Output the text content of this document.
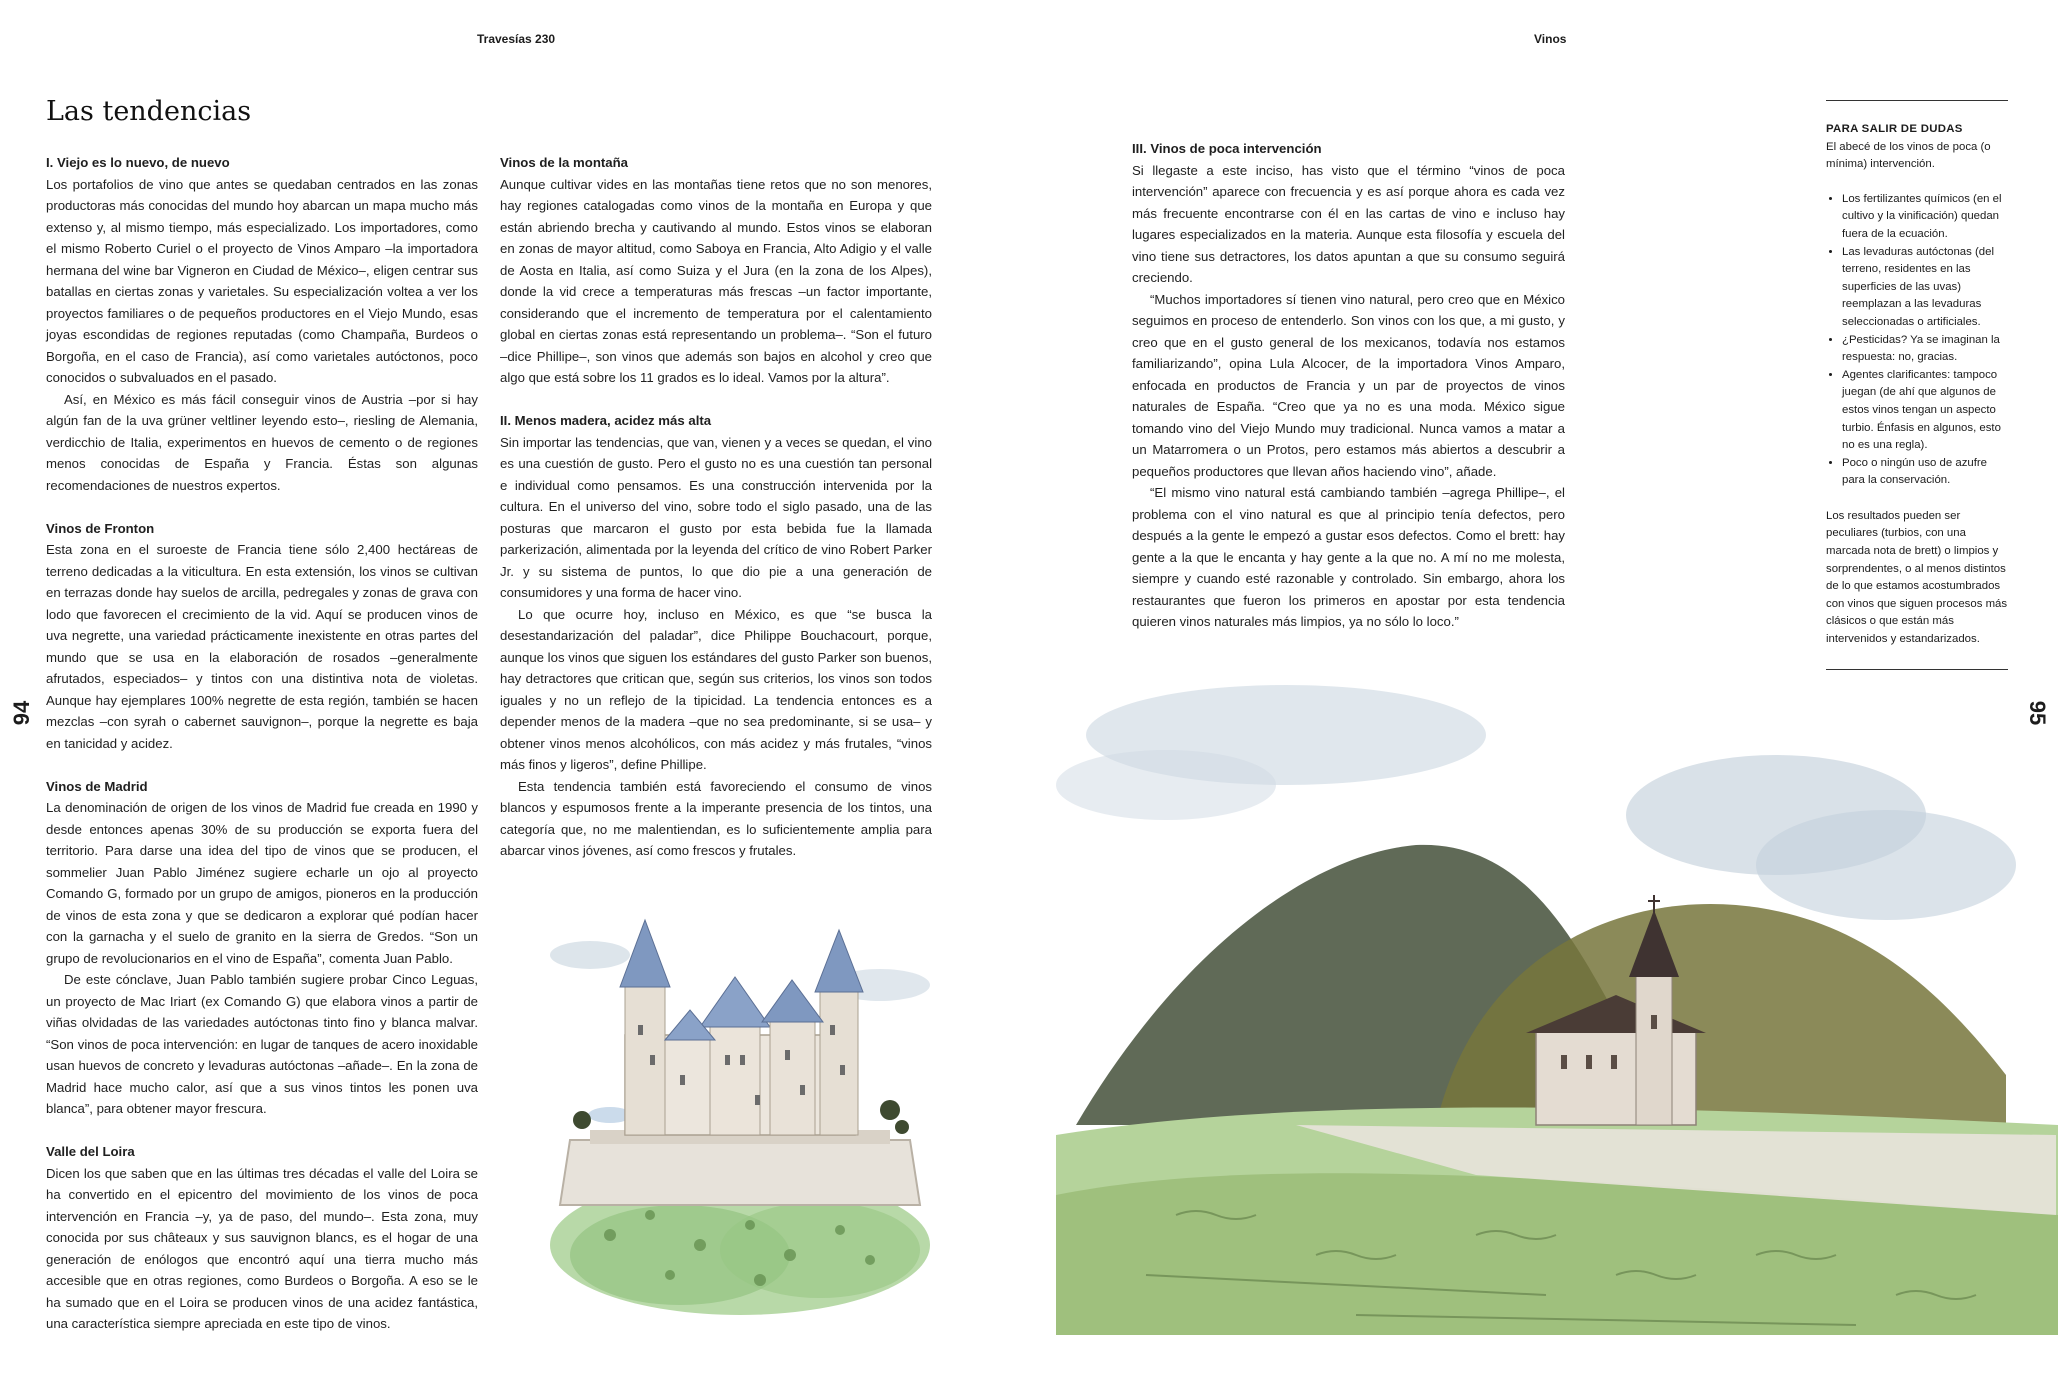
Travesías 230	Vinos
94	95
Las tendencias
I. Viejo es lo nuevo, de nuevo

Los portafolios de vino que antes se quedaban centrados en las zonas productoras más conocidas del mundo hoy abarcan un mapa mucho más extenso y, al mismo tiempo, más especializado. Los importadores, como el mismo Roberto Curiel o el proyecto de Vinos Amparo –la importadora hermana del wine bar Vigneron en Ciudad de México–, eligen centrar sus batallas en ciertas zonas y varietales. Su especialización voltea a ver los proyectos familiares o de pequeños productores en el Viejo Mundo, esas joyas escondidas de regiones reputadas (como Champaña, Burdeos o Borgoña, en el caso de Francia), así como varietales autóctonos, poco conocidos o subvaluados en el pasado.

Así, en México es más fácil conseguir vinos de Austria –por si hay algún fan de la uva grüner veltliner leyendo esto–, riesling de Alemania, verdicchio de Italia, experimentos en huevos de cemento o de regiones menos conocidas de España y Francia. Éstas son algunas recomendaciones de nuestros expertos.

Vinos de Fronton

Esta zona en el suroeste de Francia tiene sólo 2,400 hectáreas de terreno dedicadas a la viticultura. En esta extensión, los vinos se cultivan en terrazas donde hay suelos de arcilla, pedregales y zonas de grava con lodo que favorecen el crecimiento de la vid. Aquí se producen vinos de uva negrette, una variedad prácticamente inexistente en otras partes del mundo que se usa en la elaboración de rosados –generalmente afrutados, especiados– y tintos con una distintiva nota de violetas. Aunque hay ejemplares 100% negrette de esta región, también se hacen mezclas –con syrah o cabernet sauvignon–, porque la negrette es baja en tanicidad y acidez.

Vinos de Madrid

La denominación de origen de los vinos de Madrid fue creada en 1990 y desde entonces apenas 30% de su producción se exporta fuera del territorio. Para darse una idea del tipo de vinos que se producen, el sommelier Juan Pablo Jiménez sugiere echarle un ojo al proyecto Comando G, formado por un grupo de amigos, pioneros en la producción de vinos de esta zona y que se dedicaron a explorar qué podían hacer con la garnacha y el suelo de granito en la sierra de Gredos. “Son un grupo de revolucionarios en el vino de España”, comenta Juan Pablo.

De este cónclave, Juan Pablo también sugiere probar Cinco Leguas, un proyecto de Mac Iriart (ex Comando G) que elabora vinos a partir de viñas olvidadas de las variedades autóctonas tinto fino y blanca malvar. “Son vinos de poca intervención: en lugar de tanques de acero inoxidable usan huevos de concreto y levaduras autóctonas –añade–. En la zona de Madrid hace mucho calor, así que a sus vinos tintos les ponen uva blanca”, para obtener mayor frescura.

Valle del Loira

Dicen los que saben que en las últimas tres décadas el valle del Loira se ha convertido en el epicentro del movimiento de los vinos de poca intervención en Francia –y, ya de paso, del mundo–. Esta zona, muy conocida por sus châteaux y sus sauvignon blancs, es el hogar de una generación de enólogos que encontró aquí una tierra mucho más accesible que en otras regiones, como Burdeos o Borgoña. A eso se le ha sumado que en el Loira se producen vinos de una acidez fantástica, una característica siempre apreciada en este tipo de vinos.

Vinos de la montaña

Aunque cultivar vides en las montañas tiene retos que no son menores, hay regiones catalogadas como vinos de la montaña en Europa y que están abriendo brecha y cautivando al mundo. Estos vinos se elaboran en zonas de mayor altitud, como Saboya en Francia, Alto Adigio y el valle de Aosta en Italia, así como Suiza y el Jura (en la zona de los Alpes), donde la vid crece a temperaturas más frescas –un factor importante, considerando que el incremento de temperatura por el calentamiento global en ciertas zonas está representando un problema–. “Son el futuro –dice Phillipe–, son vinos que además son bajos en alcohol y creo que algo que está sobre los 11 grados es lo ideal. Vamos por la altura”.

II. Menos madera, acidez más alta

Sin importar las tendencias, que van, vienen y a veces se quedan, el vino es una cuestión de gusto. Pero el gusto no es una cuestión tan personal e individual como pensamos. Es una construcción intervenida por la cultura. En el universo del vino, sobre todo el siglo pasado, una de las posturas que marcaron el gusto por esta bebida fue la llamada parkerización, alimentada por la leyenda del crítico de vino Robert Parker Jr. y su sistema de puntos, lo que dio pie a una generación de consumidores y una forma de hacer vino.

Lo que ocurre hoy, incluso en México, es que “se busca la desestandarización del paladar”, dice Philippe Bouchacourt, porque, aunque los vinos que siguen los estándares del gusto Parker son buenos, hay detractores que critican que, según sus criterios, los vinos son todos iguales y no un reflejo de la tipicidad. La tendencia entonces es a depender menos de la madera –que no sea predominante, si se usa– y obtener vinos menos alcohólicos, con más acidez y más frutales, “vinos más finos y ligeros”, define Phillipe.

Esta tendencia también está favoreciendo el consumo de vinos blancos y espumosos frente a la imperante presencia de los tintos, una categoría que, no me malentiendan, es lo suficientemente amplia para abarcar vinos jóvenes, así como frescos y frutales.

III. Vinos de poca intervención

Si llegaste a este inciso, has visto que el término “vinos de poca intervención” aparece con frecuencia y es así porque ahora es cada vez más frecuente encontrarse con él en las cartas de vino e incluso hay lugares especializados en la materia. Aunque esta filosofía y escuela del vino tiene sus detractores, los datos apuntan a que su consumo seguirá creciendo.

“Muchos importadores sí tienen vino natural, pero creo que en México seguimos en proceso de entenderlo. Son vinos con los que, a mi gusto, y creo que en el gusto general de los mexicanos, todavía nos estamos familiarizando”, opina Lula Alcocer, de la importadora Vinos Amparo, enfocada en productos de Francia y un par de proyectos de vinos naturales de España. “Creo que ya no es una moda. México sigue tomando vino del Viejo Mundo muy tradicional. Nunca vamos a matar a un Matarromera o un Protos, pero estamos más abiertos a descubrir a pequeños productores que llevan años haciendo vino”, añade.

“El mismo vino natural está cambiando también –agrega Phillipe–, el problema con el vino natural es que al principio tenía defectos, pero después a la gente le empezó a gustar esos defectos. Como el brett: hay gente a la que le encanta y hay gente a la que no. A mí no me molesta, siempre y cuando esté razonable y controlado. Sin embargo, ahora los restaurantes que fueron los primeros en apostar por esta tendencia quieren vinos naturales más limpios, ya no sólo lo loco.”

PARA SALIR DE DUDAS

El abecé de los vinos de poca (o mínima) intervención.

• Los fertilizantes químicos (en el cultivo y la vinificación) quedan fuera de la ecuación.
• Las levaduras autóctonas (del terreno, residentes en las superficies de las uvas) reemplazan a las levaduras seleccionadas o artificiales.
• ¿Pesticidas? Ya se imaginan la respuesta: no, gracias.
• Agentes clarificantes: tampoco juegan (de ahí que algunos de estos vinos tengan un aspecto turbio. Énfasis en algunos, esto no es una regla).
• Poco o ningún uso de azufre para la conservación.

Los resultados pueden ser peculiares (turbios, con una marcada nota de brett) o limpios y sorprendentes, o al menos distintos de lo que estamos acostumbrados con vinos que siguen procesos más clásicos o que están más intervenidos y estandarizados.
